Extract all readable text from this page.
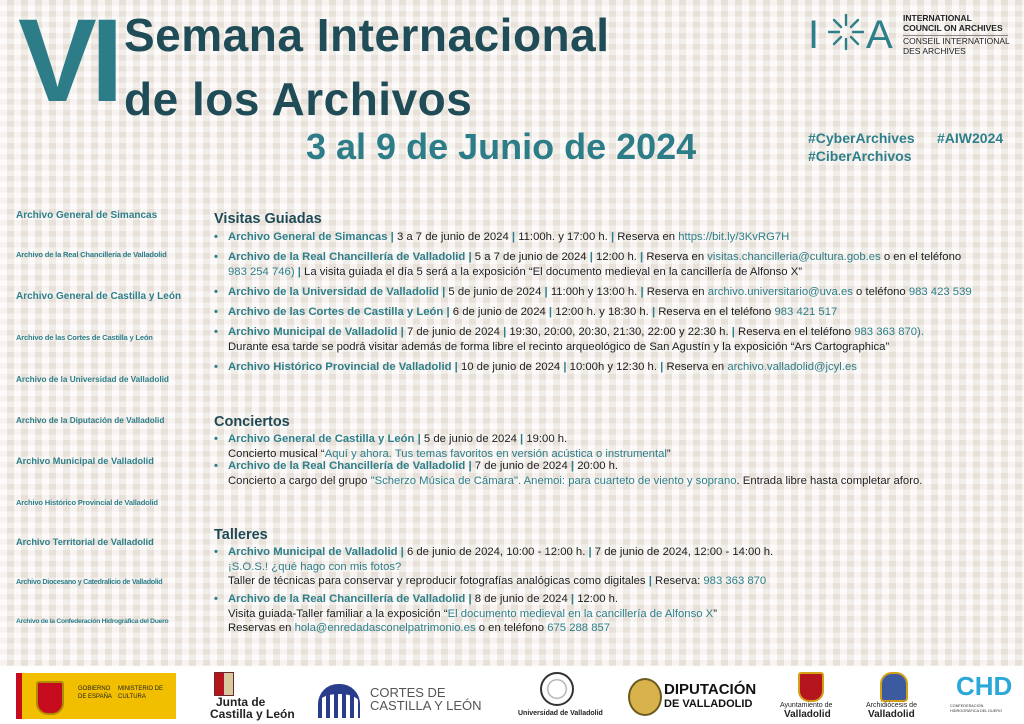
VI Semana Internacional
de los Archivos
3 al 9 de Junio de 2024
I A INTERNATIONAL
COUNCIL ON ARCHIVES
CONSEIL INTERNATIONAL
DES ARCHIVES
#CyberArchives
#CiberArchivos
#AIW2024
Archivo General de Simancas
Archivo de la Real Chancillería de Valladolid
Archivo General de Castilla y León
Archivo de las Cortes de Castilla y León
Archivo de la Universidad de Valladolid
Archivo de la Diputación de Valladolid
Archivo Municipal de Valladolid
Archivo Histórico Provincial de Valladolid
Archivo Territorial de Valladolid
Archivo Diocesano y Catedralicio de Valladolid
Archivo de la Confederación Hidrográfica del Duero
Visitas Guiadas
• Archivo General de Simancas | 3 a 7 de junio de 2024 | 11:00h. y 17:00 h. | Reserva en https://bit.ly/3KvRG7H
• Archivo de la Real Chancillería de Valladolid | 5 a 7 de junio de 2024 | 12:00 h. | Reserva en visitas.chancilleria@cultura.gob.es o en el teléfono
983 254 746) | La visita guiada el día 5 será a la exposición “El documento medieval en la cancillería de Alfonso X”
• Archivo de la Universidad de Valladolid | 5 de junio de 2024 | 11:00h y 13:00 h. | Reserva en archivo.universitario@uva.es o teléfono 983 423 539
• Archivo de las Cortes de Castilla y León | 6 de junio de 2024 | 12:00 h. y 18:30 h. | Reserva en el teléfono 983 421 517
• Archivo Municipal de Valladolid | 7 de junio de 2024 | 19:30, 20:00, 20:30, 21:30, 22:00 y 22:30 h. | Reserva en el teléfono 983 363 870).
Durante esa tarde se podrá visitar además de forma libre el recinto arqueológico de San Agustín y la exposición “Ars Cartographica”
• Archivo Histórico Provincial de Valladolid | 10 de junio de 2024 | 10:00h y 12:30 h. | Reserva en archivo.valladolid@jcyl.es
Conciertos
• Archivo General de Castilla y León | 5 de junio de 2024 | 19:00 h.
Concierto musical “Aquí y ahora. Tus temas favoritos en versión acústica o instrumental”
• Archivo de la Real Chancillería de Valladolid | 7 de junio de 2024 | 20:00 h.
Concierto a cargo del grupo "Scherzo Música de Cámara". Anemoi: para cuarteto de viento y soprano. Entrada libre hasta completar aforo.
Talleres
• Archivo Municipal de Valladolid | 6 de junio de 2024, 10:00 - 12:00 h. | 7 de junio de 2024, 12:00 - 14:00 h.
¡S.O.S.! ¿qué hago con mis fotos?
Taller de técnicas para conservar y reproducir fotografías analógicas como digitales | Reserva: 983 363 870
• Archivo de la Real Chancillería de Valladolid | 8 de junio de 2024 | 12:00 h.
Visita guiada-Taller familiar a la exposición “El documento medieval en la cancillería de Alfonso X”
Reservas en hola@enredadasconelpatrimonio.es o en teléfono 675 288 857
GOBIERNO DE ESPAÑA
MINISTERIO DE CULTURA	Junta de
Castilla y León
CORTES DE
CASTILLA Y LEÓN
Universidad de Valladolid
DIPUTACIÓN
DE VALLADOLID	Ayuntamiento de
Valladolid
Archidiócesis de
Valladolid
CHD
CONFEDERACIÓN HIDROGRÁFICA DEL DUERO
